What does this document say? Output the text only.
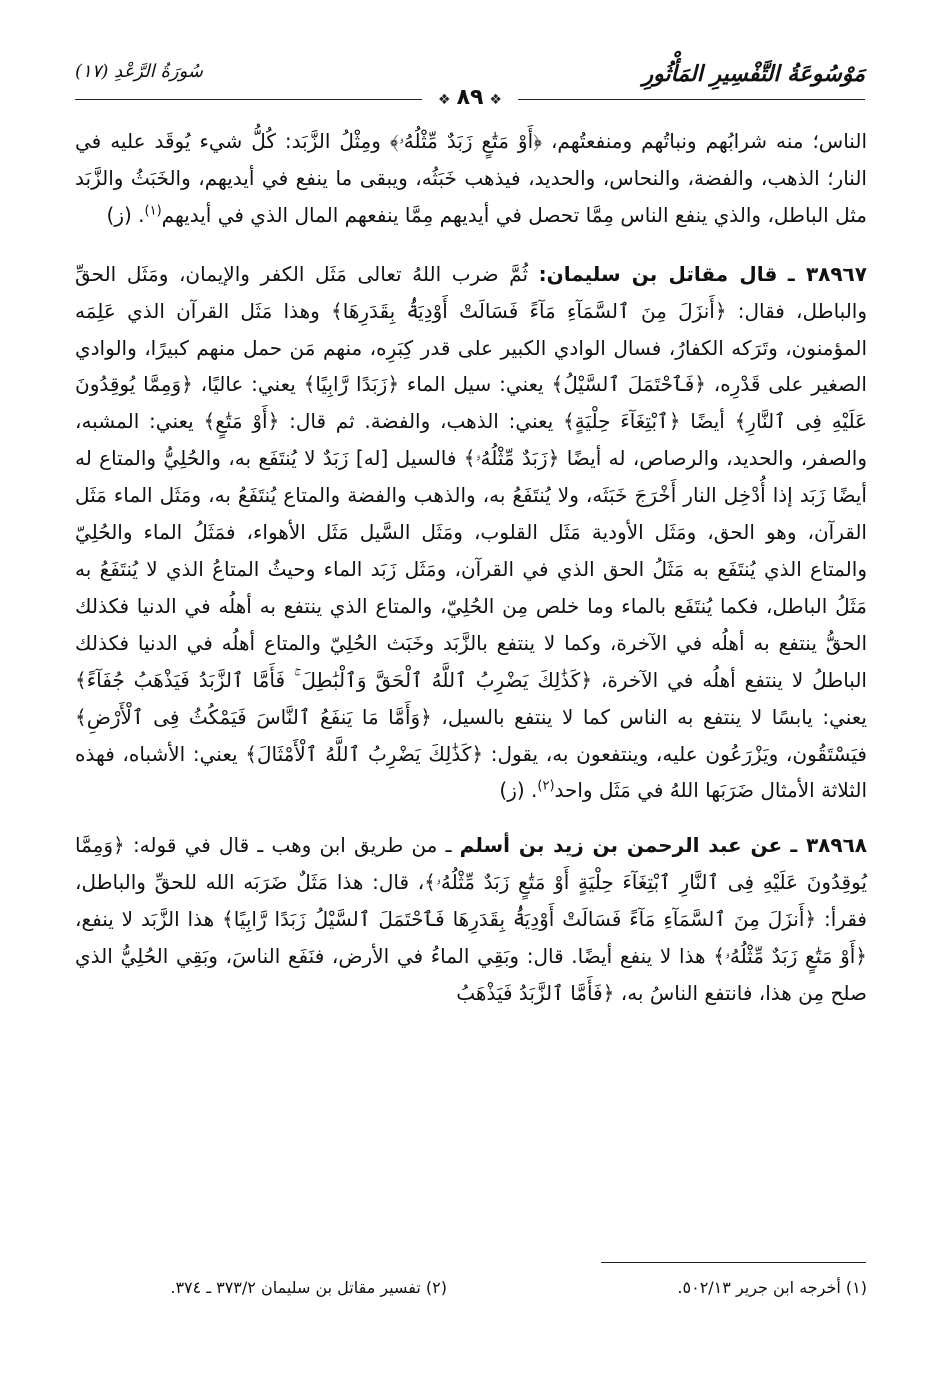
مَوْسُوعَةُ التَّفْسِيرِ المَأْثُورِ
سُورَةُ الرَّعْدِ (١٧)
❖٨٩❖

الناس؛ منه شرابُهم ونباتُهم ومنفعتُهم، ﴿أَوْ مَتَٰعٍ زَبَدٌ مِّثْلُهُۥ﴾ ومِثْلُ الزَّبَد: كُلُّ شيء يُوقَد عليه في النار؛ الذهب، والفضة، والنحاس، والحديد، فيذهب خَبَثُه، ويبقى ما ينفع في أيديهم، والخَبَثُ والزَّبَد مثل الباطل، والذي ينفع الناس مِمَّا تحصل في أيديهم مِمَّا ينفعهم المال الذي في أيديهم$^{(١)}$. (ز)

٣٨٩٦٧ ـ قال مقاتل بن سليمان: ثُمَّ ضرب اللهُ تعالى مَثَل الكفر والإيمان، ومَثَل الحقِّ والباطل، فقال: ﴿أَنزَلَ مِنَ ٱلسَّمَآءِ مَآءً فَسَالَتْ أَوْدِيَةُۢ بِقَدَرِهَا﴾ وهذا مَثَل القرآن الذي عَلِمَه المؤمنون، وتَرَكه الكفارُ، فسال الوادي الكبير على قدر كِبَرِه، منهم مَن حمل منهم كبيرًا، والوادي الصغير على قَدْرِه، ﴿فَٱحْتَمَلَ ٱلسَّيْلُ﴾ يعني: سيل الماء ﴿زَبَدًا رَّابِيًا﴾ يعني: عاليًا، ﴿وَمِمَّا يُوقِدُونَ عَلَيْهِ فِى ٱلنَّارِ﴾ أيضًا ﴿ٱبْتِغَآءَ حِلْيَةٍ﴾ يعني: الذهب، والفضة. ثم قال: ﴿أَوْ مَتَٰعٍ﴾ يعني: المشبه، والصفر، والحديد، والرصاص، له أيضًا ﴿زَبَدٌ مِّثْلُهُۥ﴾ فالسيل [له] زَبَدٌ لا يُنتَفَع به، والحُلِيُّ والمتاع له أيضًا زَبَد إذا أُدْخِل النار أَخْرَجَ خَبَثَه، ولا يُنتَفَعُ به، والذهب والفضة والمتاع يُنتَفَعُ به، ومَثَل الماء مَثَل القرآن، وهو الحق، ومَثَل الأودية مَثَل القلوب، ومَثَل السَّيل مَثَل الأهواء، فمَثَلُ الماء والحُلِيّ والمتاع الذي يُنتَفَع به مَثَلُ الحق الذي في القرآن، ومَثَل زَبَد الماء وحيثُ المتاعُ الذي لا يُنتَفَعُ به مَثَلُ الباطل، فكما يُنتَفَع بالماء وما خلص مِن الحُلِيّ، والمتاع الذي ينتفع به أهلُه في الدنيا فكذلك الحقُّ ينتفع به أهلُه في الآخرة، وكما لا ينتفع بالزَّبَد وخَبَث الحُلِيّ والمتاع أهلُه في الدنيا فكذلك الباطلُ لا ينتفع أهلُه في الآخرة، ﴿كَذَٰلِكَ يَضْرِبُ ٱللَّهُ ٱلْحَقَّ وَٱلْبَٰطِلَ ۚ فَأَمَّا ٱلزَّبَدُ فَيَذْهَبُ جُفَآءً﴾ يعني: يابسًا لا ينتفع به الناس كما لا ينتفع بالسيل، ﴿وَأَمَّا مَا يَنفَعُ ٱلنَّاسَ فَيَمْكُثُ فِى ٱلْأَرْضِ﴾ فيَسْتَقُون، ويَزْرَعُون عليه، وينتفعون به، يقول: ﴿كَذَٰلِكَ يَضْرِبُ ٱللَّهُ ٱلْأَمْثَالَ﴾ يعني: الأشباه، فهذه الثلاثة الأمثال ضَرَبَها اللهُ في مَثَل واحد$^{(٢)}$. (ز)

٣٨٩٦٨ ـ عن عبد الرحمن بن زيد بن أسلم ـ من طريق ابن وهب ـ قال في قوله: ﴿وَمِمَّا يُوقِدُونَ عَلَيْهِ فِى ٱلنَّارِ ٱبْتِغَآءَ حِلْيَةٍ أَوْ مَتَٰعٍ زَبَدٌ مِّثْلُهُۥ﴾، قال: هذا مَثَلٌ ضَرَبَه الله للحقِّ والباطل، فقرأ: ﴿أَنزَلَ مِنَ ٱلسَّمَآءِ مَآءً فَسَالَتْ أَوْدِيَةُۢ بِقَدَرِهَا فَٱحْتَمَلَ ٱلسَّيْلُ زَبَدًا رَّابِيًا﴾ هذا الزَّبَد لا ينفع، ﴿أَوْ مَتَٰعٍ زَبَدٌ مِّثْلُهُۥ﴾ هذا لا ينفع أيضًا. قال: وبَقِي الماءُ في الأرض، فنَفَع الناسَ، وبَقِي الحُلِيُّ الذي صلح مِن هذا، فانتفع الناسُ به، ﴿فَأَمَّا ٱلزَّبَدُ فَيَذْهَبُ

(١) أخرجه ابن جرير ٥٠٢/١٣.
(٢) تفسير مقاتل بن سليمان ٣٧٣/٢ ـ ٣٧٤.
